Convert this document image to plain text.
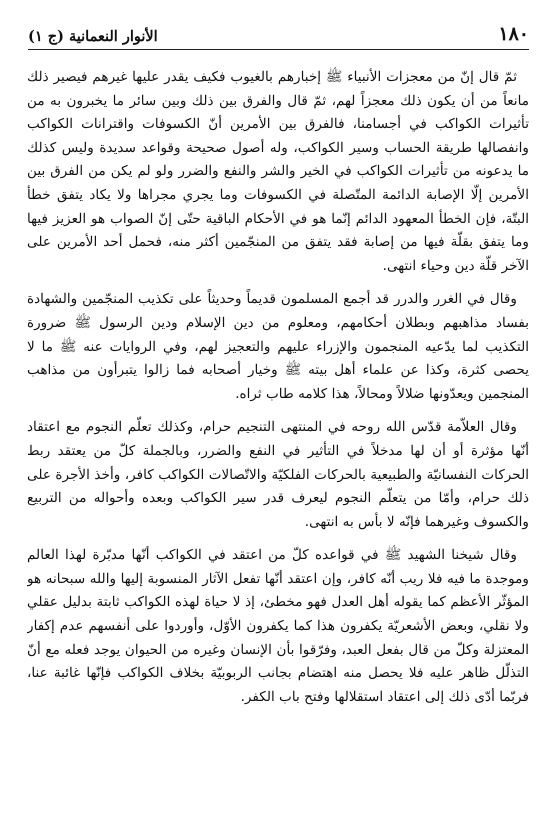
١٨٠
الأنوار النعمانية (ج ١)

ثمّ قال إنّ من معجزات الأنبياء ﷺ إخبارهم بالغيوب فكيف يقدر عليها غيرهم فيصير ذلك مانعاً من أن يكون ذلك معجزاً لهم، ثمّ قال والفرق بين ذلك وبين سائر ما يخبرون به من تأثيرات الكواكب في أجسامنا، فالفرق بين الأمرين أنّ الكسوفات واقترانات الكواكب وانفصالها طريقة الحساب وسير الكواكب، وله أصول صحيحة وقواعد سديدة وليس كذلك ما يدعونه من تأثيرات الكواكب في الخير والشر والنفع والضرر ولو لم يكن من الفرق بين الأمرين إلّا الإصابة الدائمة المتّصلة في الكسوفات وما يجري مجراها ولا يكاد يتفق خطأ البتّة، فإن الخطأ المعهود الدائم إنّما هو في الأحكام الباقية حتّى إنّ الصواب هو العزيز فيها وما يتفق بقلّة فيها من إصابة فقد يتفق من المنجّمين أكثر منه، فحمل أحد الأمرين على الآخر قلّة دين وحياء انتهى.

وقال في الغرر والدرر قد أجمع المسلمون قديماً وحديثاً على تكذيب المنجّمين والشهادة بفساد مذاهبهم وبطلان أحكامهم، ومعلوم من دين الإسلام ودين الرسول ﷺ ضرورة التكذيب لما يدّعيه المنجمون والإزراء عليهم والتعجيز لهم، وفي الروايات عنه ﷺ ما لا يحصى كثرة، وكذا عن علماء أهل بيته ﷺ وخيار أصحابه فما زالوا يتبرأون من مذاهب المنجمين ويعدّونها ضلالاً ومحالاً، هذا كلامه طاب ثراه.

وقال العلاّمة قدّس الله روحه في المنتهى التنجيم حرام، وكذلك تعلّم النجوم مع اعتقاد أنّها مؤثرة أو أن لها مدخلاً في التأثير في النفع والضرر، وبالجملة كلّ من يعتقد ربط الحركات النفسانيّة والطبيعية بالحركات الفلكيّة والاتّصالات الكواكب كافر، وأخذ الأجرة على ذلك حرام، وأمّا من يتعلّم النجوم ليعرف قدر سير الكواكب وبعده وأحواله من التربيع والكسوف وغيرهما فإنّه لا بأس به انتهى.

وقال شيخنا الشهيد ﷺ في قواعده كلّ من اعتقد في الكواكب أنّها مدبّرة لهذا العالم وموجدة ما فيه فلا ريب أنّه كافر، وإن اعتقد أنّها تفعل الآثار المنسوبة إليها والله سبحانه هو المؤثّر الأعظم كما يقوله أهل العدل فهو مخطئ، إذ لا حياة لهذه الكواكب ثابتة بدليل عقلي ولا نقلي، وبعض الأشعريّة يكفرون هذا كما يكفرون الأوّل، وأوردوا على أنفسهم عدم إكفار المعتزلة وكلّ من قال بفعل العبد، وفرّقوا بأن الإنسان وغيره من الحيوان يوجد فعله مع أنّ التذلّل ظاهر عليه فلا يحصل منه اهتضام بجانب الربوبيّة بخلاف الكواكب فإنّها غائبة عنا، فربّما أدّى ذلك إلى اعتقاد استقلالها وفتح باب الكفر.
